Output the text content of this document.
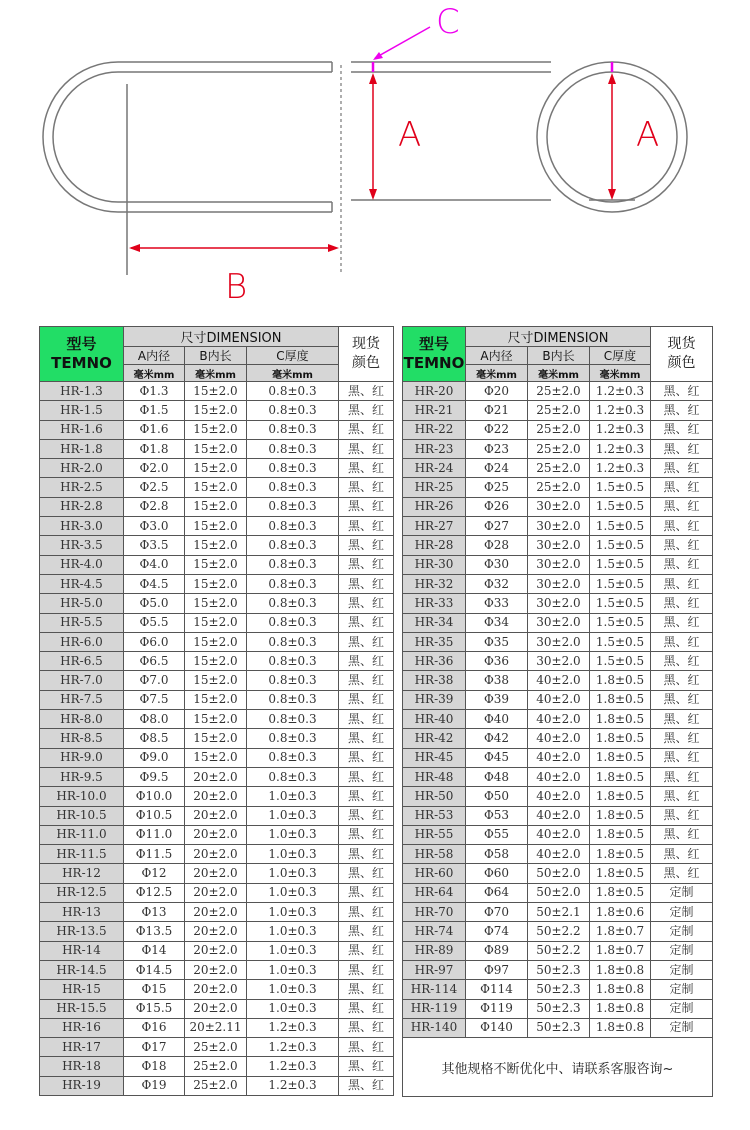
B
A
C
A
型号
TEMNO	尺寸DIMENSION			现货
颜色
	A内径	B内长	C厚度	
	毫米mm	毫米mm	毫米mm	
HR-1.3	Φ1.3	15±2.0	0.8±0.3	黑、红
HR-1.5	Φ1.5	15±2.0	0.8±0.3	黑、红
HR-1.6	Φ1.6	15±2.0	0.8±0.3	黑、红
HR-1.8	Φ1.8	15±2.0	0.8±0.3	黑、红
HR-2.0	Φ2.0	15±2.0	0.8±0.3	黑、红
HR-2.5	Φ2.5	15±2.0	0.8±0.3	黑、红
HR-2.8	Φ2.8	15±2.0	0.8±0.3	黑、红
HR-3.0	Φ3.0	15±2.0	0.8±0.3	黑、红
HR-3.5	Φ3.5	15±2.0	0.8±0.3	黑、红
HR-4.0	Φ4.0	15±2.0	0.8±0.3	黑、红
HR-4.5	Φ4.5	15±2.0	0.8±0.3	黑、红
HR-5.0	Φ5.0	15±2.0	0.8±0.3	黑、红
HR-5.5	Φ5.5	15±2.0	0.8±0.3	黑、红
HR-6.0	Φ6.0	15±2.0	0.8±0.3	黑、红
HR-6.5	Φ6.5	15±2.0	0.8±0.3	黑、红
HR-7.0	Φ7.0	15±2.0	0.8±0.3	黑、红
HR-7.5	Φ7.5	15±2.0	0.8±0.3	黑、红
HR-8.0	Φ8.0	15±2.0	0.8±0.3	黑、红
HR-8.5	Φ8.5	15±2.0	0.8±0.3	黑、红
HR-9.0	Φ9.0	15±2.0	0.8±0.3	黑、红
HR-9.5	Φ9.5	20±2.0	0.8±0.3	黑、红
HR-10.0	Φ10.0	20±2.0	1.0±0.3	黑、红
HR-10.5	Φ10.5	20±2.0	1.0±0.3	黑、红
HR-11.0	Φ11.0	20±2.0	1.0±0.3	黑、红
HR-11.5	Φ11.5	20±2.0	1.0±0.3	黑、红
HR-12	Φ12	20±2.0	1.0±0.3	黑、红
HR-12.5	Φ12.5	20±2.0	1.0±0.3	黑、红
HR-13	Φ13	20±2.0	1.0±0.3	黑、红
HR-13.5	Φ13.5	20±2.0	1.0±0.3	黑、红
HR-14	Φ14	20±2.0	1.0±0.3	黑、红
HR-14.5	Φ14.5	20±2.0	1.0±0.3	黑、红
HR-15	Φ15	20±2.0	1.0±0.3	黑、红
HR-15.5	Φ15.5	20±2.0	1.0±0.3	黑、红
HR-16	Φ16	20±2.11	1.2±0.3	黑、红
HR-17	Φ17	25±2.0	1.2±0.3	黑、红
HR-18	Φ18	25±2.0	1.2±0.3	黑、红
HR-19	Φ19	25±2.0	1.2±0.3	黑、红
型号
TEMNO	尺寸DIMENSION			现货
颜色
	A内径	B内长	C厚度	
	毫米mm	毫米mm	毫米mm	
HR-20	Φ20	25±2.0	1.2±0.3	黑、红
HR-21	Φ21	25±2.0	1.2±0.3	黑、红
HR-22	Φ22	25±2.0	1.2±0.3	黑、红
HR-23	Φ23	25±2.0	1.2±0.3	黑、红
HR-24	Φ24	25±2.0	1.2±0.3	黑、红
HR-25	Φ25	25±2.0	1.5±0.5	黑、红
HR-26	Φ26	30±2.0	1.5±0.5	黑、红
HR-27	Φ27	30±2.0	1.5±0.5	黑、红
HR-28	Φ28	30±2.0	1.5±0.5	黑、红
HR-30	Φ30	30±2.0	1.5±0.5	黑、红
HR-32	Φ32	30±2.0	1.5±0.5	黑、红
HR-33	Φ33	30±2.0	1.5±0.5	黑、红
HR-34	Φ34	30±2.0	1.5±0.5	黑、红
HR-35	Φ35	30±2.0	1.5±0.5	黑、红
HR-36	Φ36	30±2.0	1.5±0.5	黑、红
HR-38	Φ38	40±2.0	1.8±0.5	黑、红
HR-39	Φ39	40±2.0	1.8±0.5	黑、红
HR-40	Φ40	40±2.0	1.8±0.5	黑、红
HR-42	Φ42	40±2.0	1.8±0.5	黑、红
HR-45	Φ45	40±2.0	1.8±0.5	黑、红
HR-48	Φ48	40±2.0	1.8±0.5	黑、红
HR-50	Φ50	40±2.0	1.8±0.5	黑、红
HR-53	Φ53	40±2.0	1.8±0.5	黑、红
HR-55	Φ55	40±2.0	1.8±0.5	黑、红
HR-58	Φ58	40±2.0	1.8±0.5	黑、红
HR-60	Φ60	50±2.0	1.8±0.5	黑、红
HR-64	Φ64	50±2.0	1.8±0.5	定制
HR-70	Φ70	50±2.1	1.8±0.6	定制
HR-74	Φ74	50±2.2	1.8±0.7	定制
HR-89	Φ89	50±2.2	1.8±0.7	定制
HR-97	Φ97	50±2.3	1.8±0.8	定制
HR-114	Φ114	50±2.3	1.8±0.8	定制
HR-119	Φ119	50±2.3	1.8±0.8	定制
HR-140	Φ140	50±2.3	1.8±0.8	定制
其他规格不断优化中、请联系客服咨询~				
